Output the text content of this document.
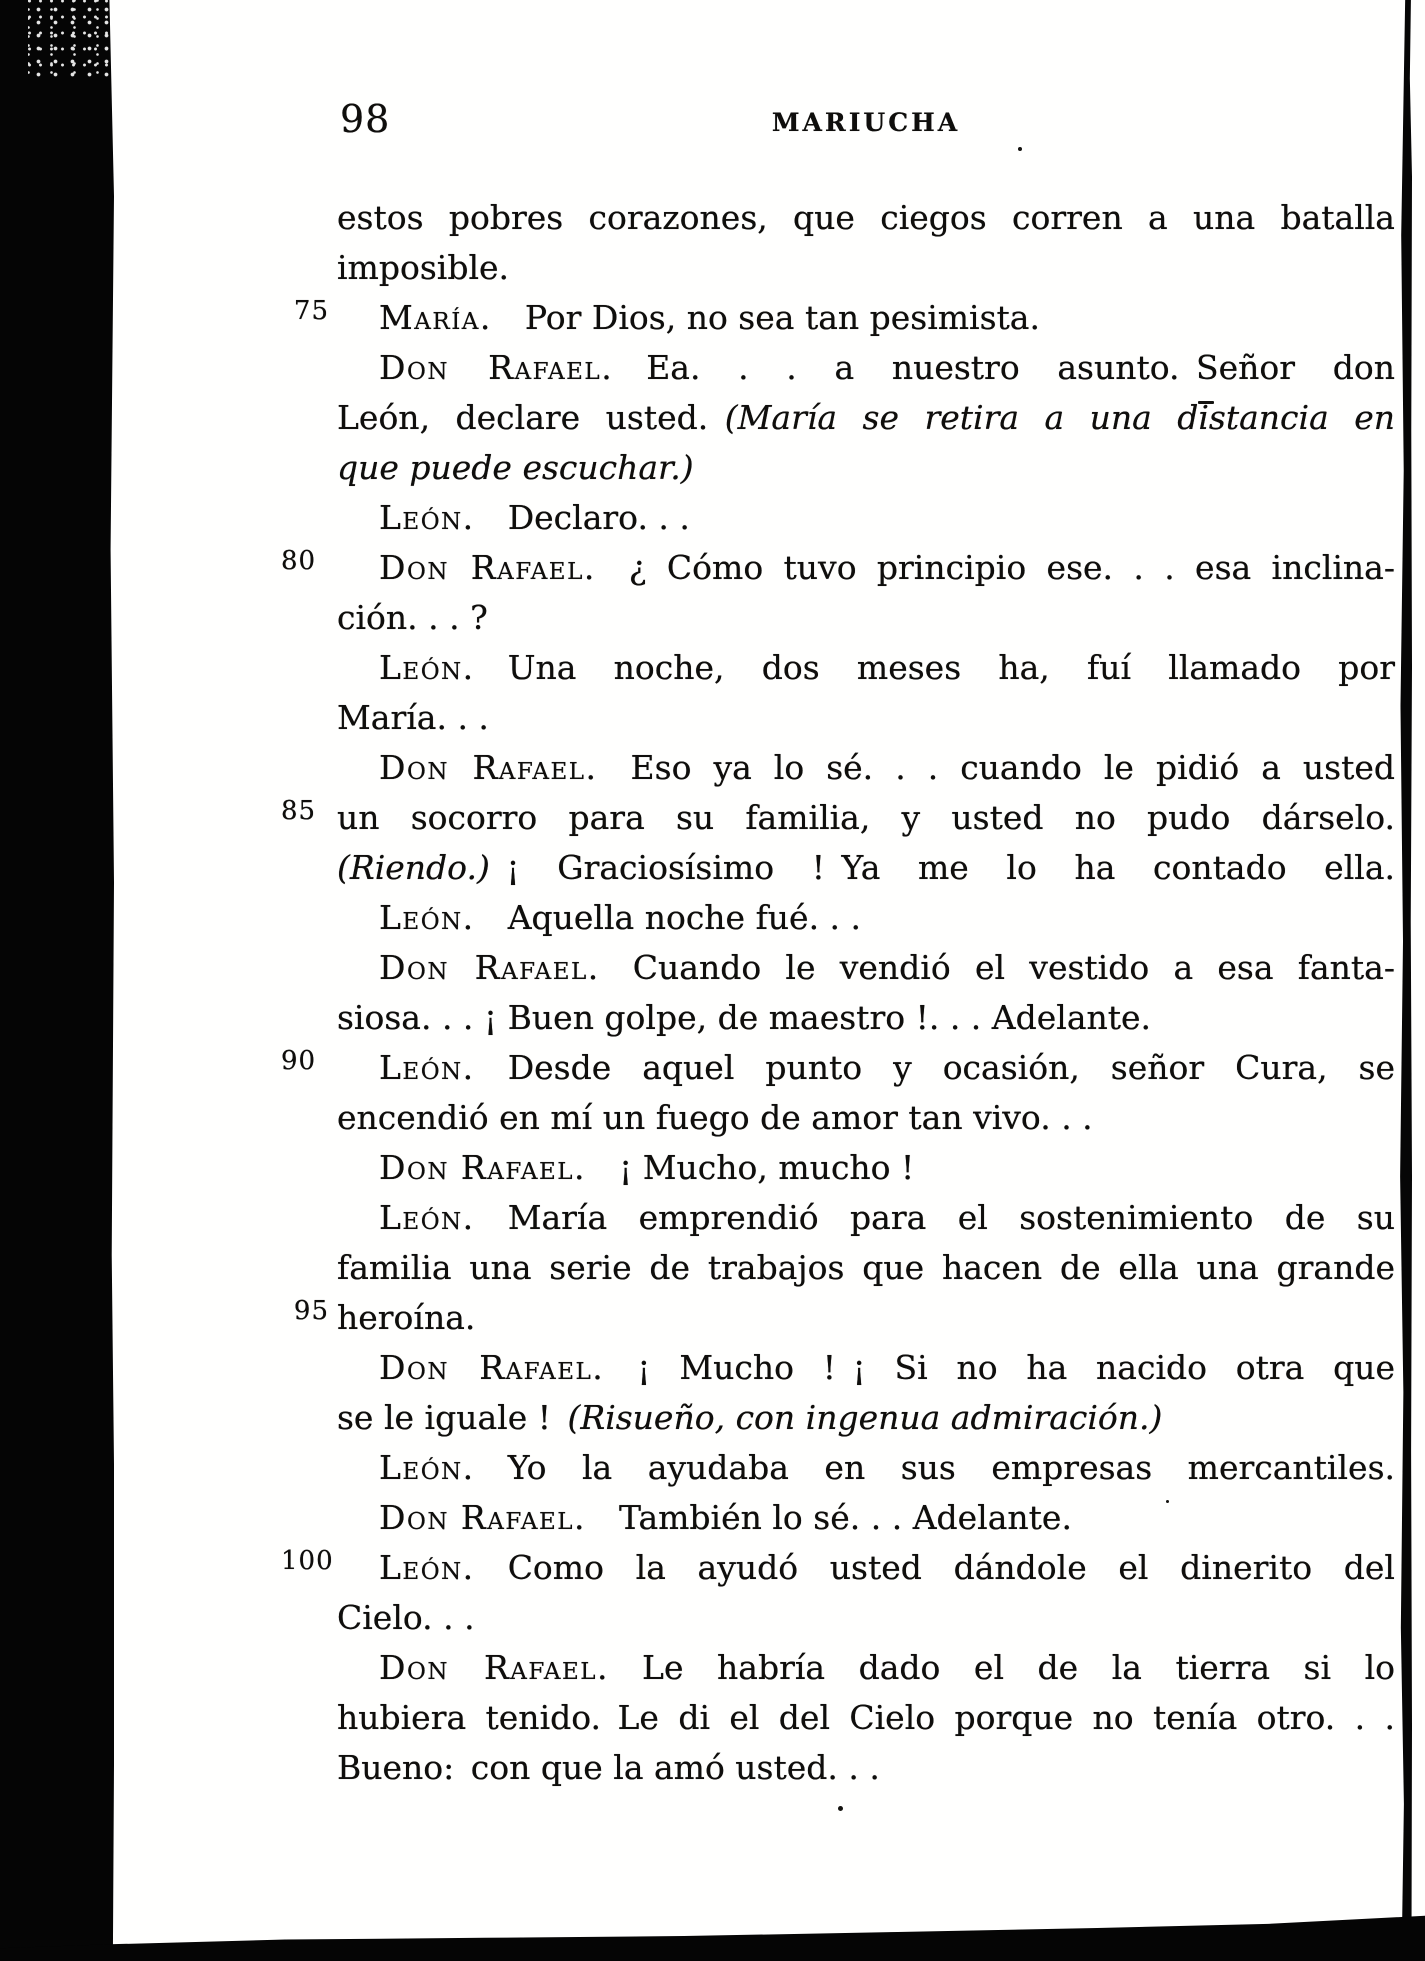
98	MARIUCHA
estos pobres corazones, que ciegos corren a una batalla
imposible.
75 María. Por Dios, no sea tan pesimista.
Don Rafael. Ea. . . a nuestro asunto. Señor don
León, declare usted. (María se retira a una distancia en
que puede escuchar.)
León. Declaro. . .
80	Don Rafael. ¿ Cómo tuvo principio ese. . . esa inclina-
ción. . . ?
León. Una noche, dos meses ha, fuí llamado por
María. . .
Don Rafael. Eso ya lo sé. . . cuando le pidió a usted
85 un socorro para su familia, y usted no pudo dárselo.
(Riendo.) ¡ Graciosísimo ! Ya me lo ha contado ella.
León. Aquella noche fué. . .
Don Rafael. Cuando le vendió el vestido a esa fanta-
siosa. . . ¡ Buen golpe, de maestro !. . . Adelante.
90	León. Desde aquel punto y ocasión, señor Cura, se
encendió en mí un fuego de amor tan vivo. . .
Don Rafael. ¡ Mucho, mucho !
León. María emprendió para el sostenimiento de su
familia una serie de trabajos que hacen de ella una grande
95 heroína.
Don Rafael. ¡ Mucho ! ¡ Si no ha nacido otra que
se le iguale ! (Risueño, con ingenua admiración.)
León. Yo la ayudaba en sus empresas mercantiles.
Don Rafael. También lo sé. . . Adelante.
100 León. Como la ayudó usted dándole el dinerito del
Cielo. . .
Don Rafael. Le habría dado el de la tierra si lo
hubiera tenido. Le di el del Cielo porque no tenía otro. . .
Bueno: con que la amó usted. . .
